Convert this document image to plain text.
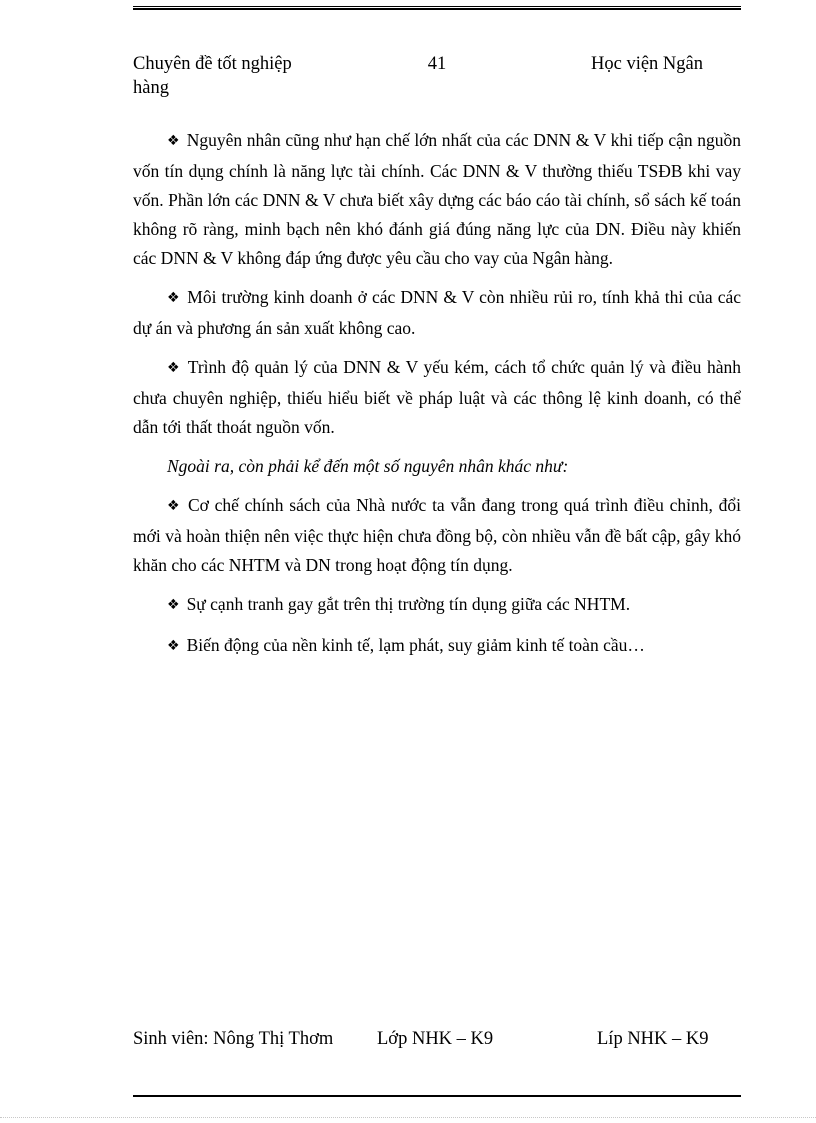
Chuyên đề tốt nghiệp hàng
41	Học viện Ngân

❖ Nguyên nhân cũng như hạn chế lớn nhất của các DNN & V khi tiếp cận nguồn vốn tín dụng chính là năng lực tài chính. Các DNN & V thường thiếu TSĐB khi vay vốn. Phần lớn các DNN & V chưa biết xây dựng các báo cáo tài chính, sổ sách kế toán không rõ ràng, minh bạch nên khó đánh giá đúng năng lực của DN. Điều này khiến các DNN & V không đáp ứng được yêu cầu cho vay của Ngân hàng.

❖ Môi trường kinh doanh ở các DNN & V còn nhiều rủi ro, tính khả thi của các dự án và phương án sản xuất không cao.

❖ Trình độ quản lý của DNN & V yếu kém, cách tổ chức quản lý và điều hành chưa chuyên nghiệp, thiếu hiểu biết về pháp luật và các thông lệ kinh doanh, có thể dẫn tới thất thoát nguồn vốn.

Ngoài ra, còn phải kể đến một số nguyên nhân khác như:

❖ Cơ chế chính sách của Nhà nước ta vẫn đang trong quá trình điều chỉnh, đổi mới và hoàn thiện nên việc thực hiện chưa đồng bộ, còn nhiều vẫn đề bất cập, gây khó khăn cho các NHTM và DN trong hoạt động tín dụng.

❖ Sự cạnh tranh gay gắt trên thị trường tín dụng giữa các NHTM.

❖ Biến động của nền kinh tế, lạm phát, suy giảm kinh tế toàn cầu…

Sinh viên: Nông Thị Thơm Lớp NHK – K9	Líp NHK – K9
